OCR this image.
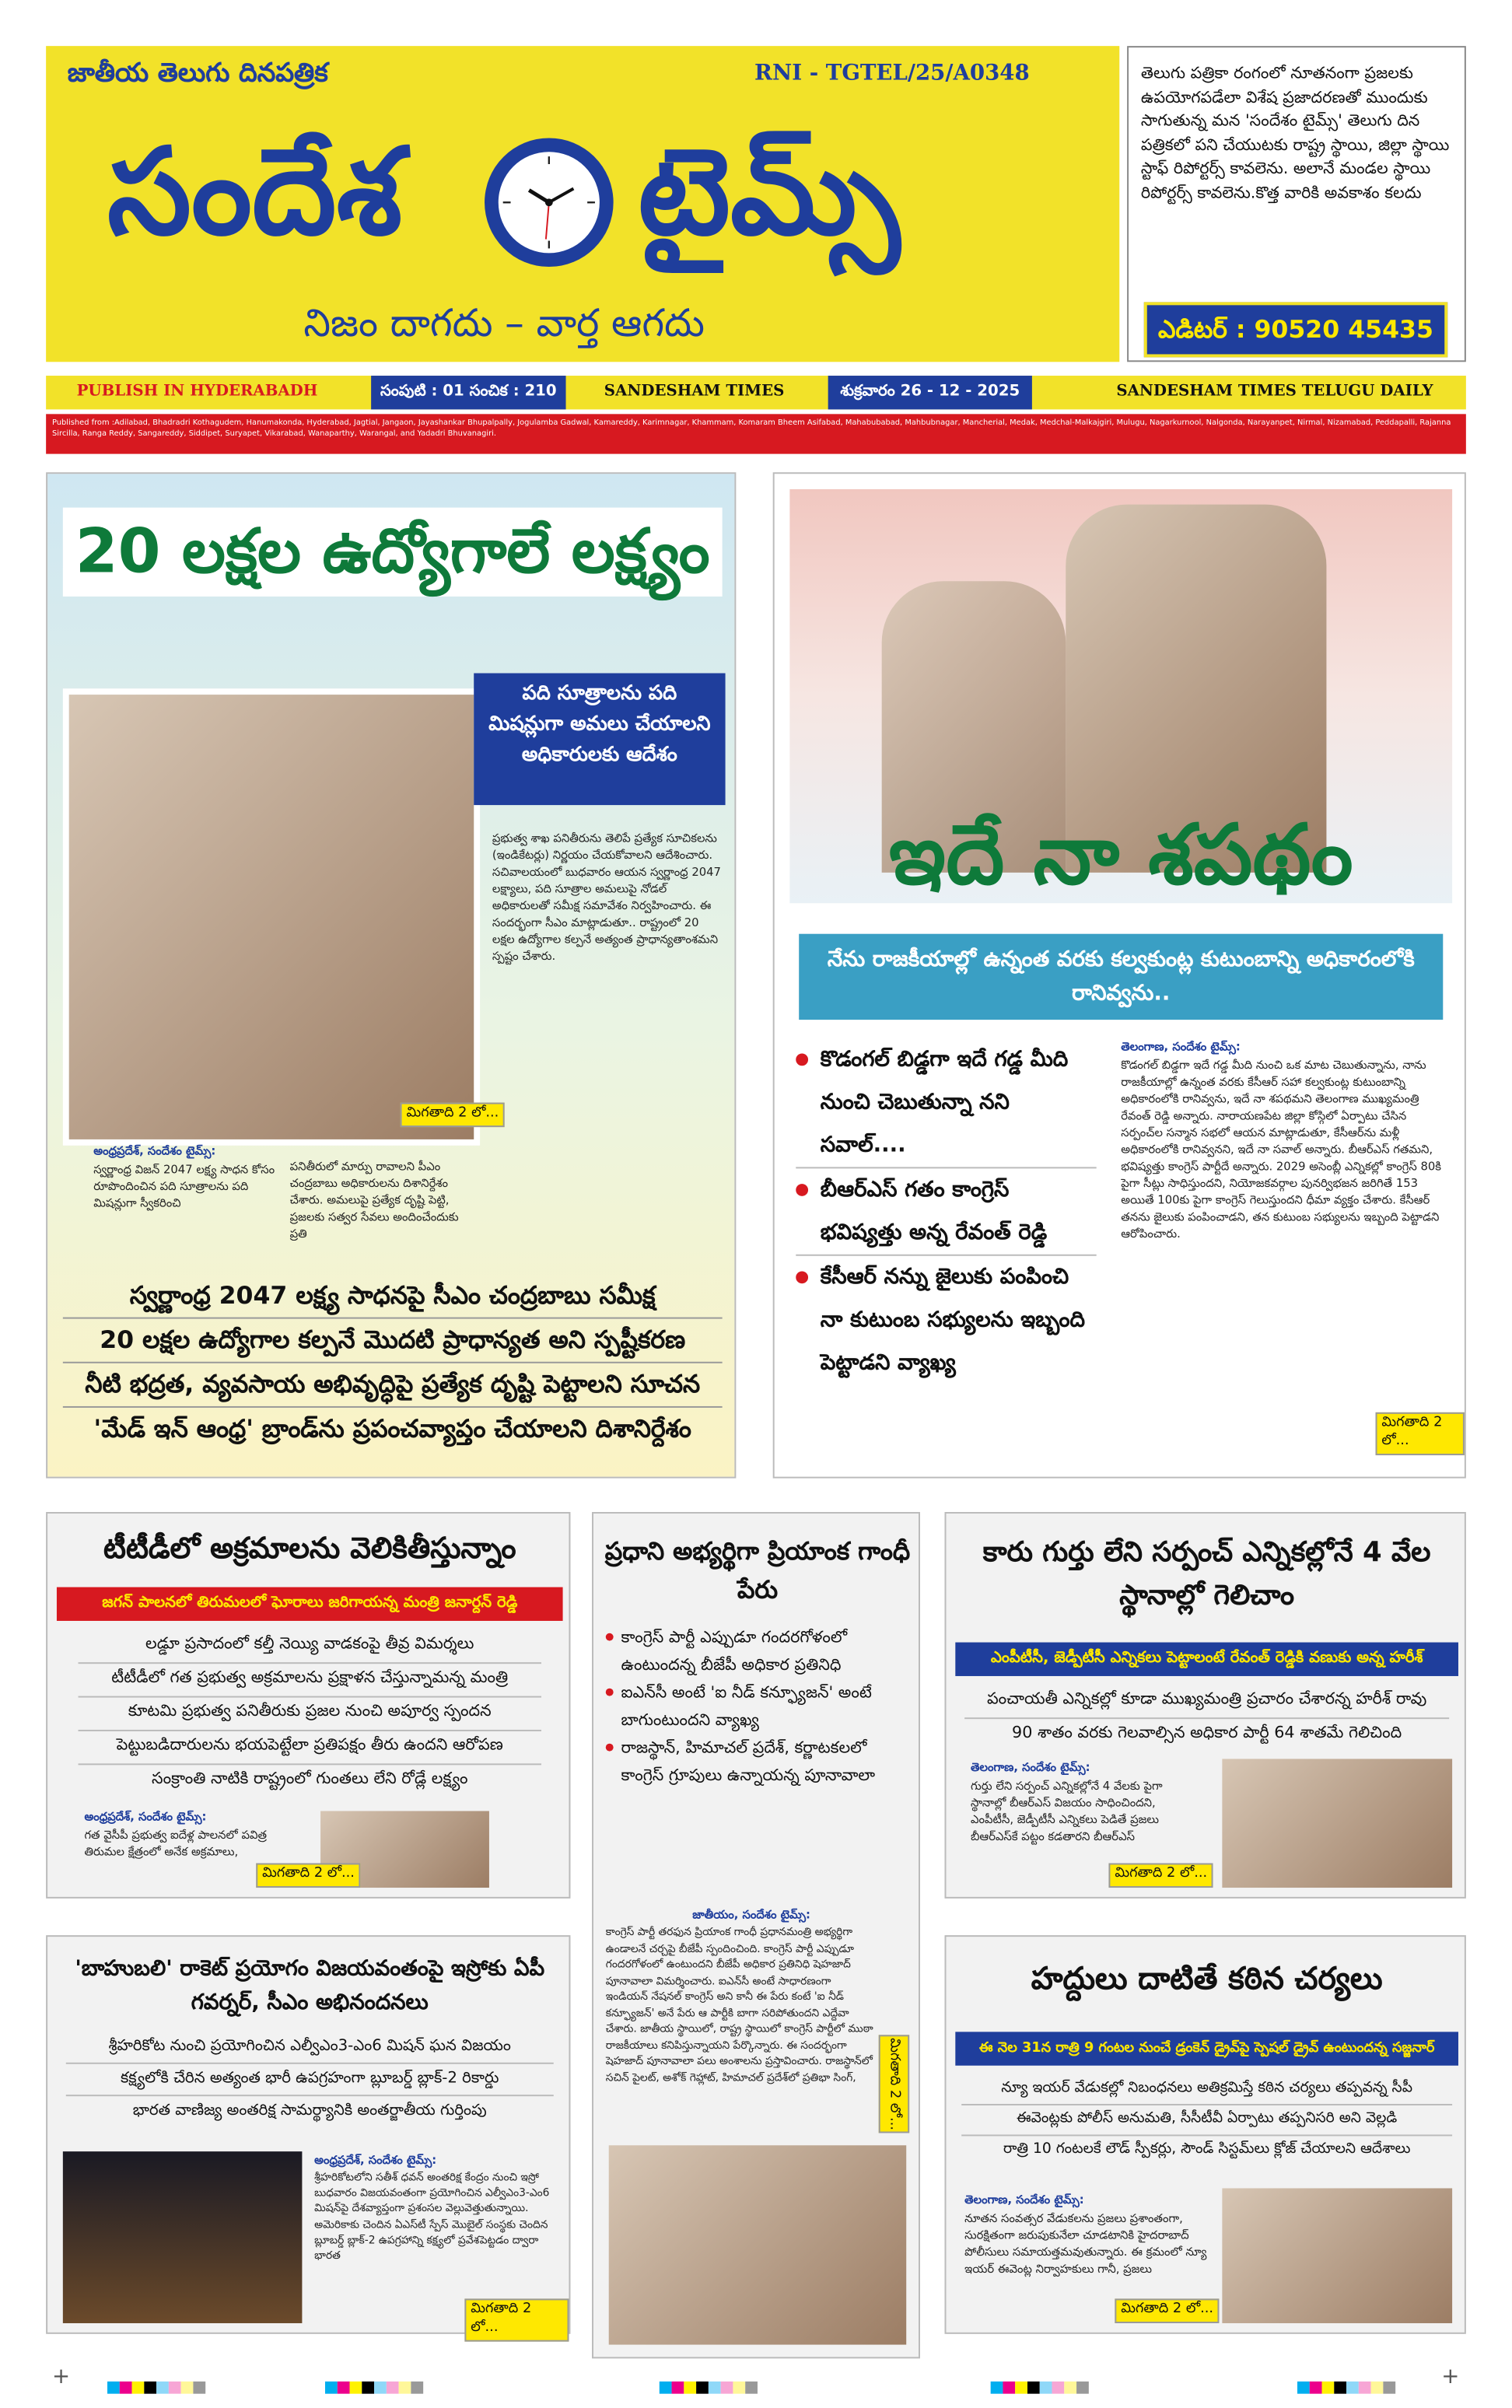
జాతీయ తెలుగు దినపత్రిక	RNI - TGTEL/25/A0348
సందేశ	టైమ్స్
నిజం దాగదు – వార్త ఆగదు
తెలుగు పత్రికా రంగంలో నూతనంగా ప్రజలకు ఉపయోగపడేలా విశేష ప్రజాదరణతో ముందుకు సాగుతున్న మన 'సందేశం టైమ్స్' తెలుగు దిన పత్రికలో పని చేయుటకు రాష్ట్ర స్థాయి, జిల్లా స్థాయి స్టాఫ్ రిపోర్టర్స్ కావలెను. అలానే మండల స్థాయి రిపోర్టర్స్ కావలెను.కొత్త వారికి అవకాశం కలదు
ఎడిటర్ : 90520 45435
PUBLISH IN HYDERABADH	సంపుటి : 01 సంచిక : 210	SANDESHAM TIMES	శుక్రవారం 26 - 12 - 2025	SANDESHAM TIMES TELUGU DAILY
Published from :Adilabad, Bhadradri Kothagudem, Hanumakonda, Hyderabad, Jagtial, Jangaon, Jayashankar Bhupalpally, Jogulamba Gadwal, Kamareddy, Karimnagar, Khammam, Komaram Bheem Asifabad, Mahabubabad, Mahbubnagar, Mancherial, Medak, Medchal-Malkajgiri, Mulugu, Nagarkurnool, Nalgonda, Narayanpet, Nirmal, Nizamabad, Peddapalli, Rajanna Sircilla, Ranga Reddy, Sangareddy, Siddipet, Suryapet, Vikarabad, Wanaparthy, Warangal, and Yadadri Bhuvanagiri.
20 లక్షల ఉద్యోగాలే లక్ష్యం
పది సూత్రాలను పది మిషన్లుగా అమలు చేయాలని అధికారులకు ఆదేశం
ప్రభుత్వ శాఖ పనితీరును తెలిపే ప్రత్యేక సూచికలను (ఇండికేటర్లు) నిర్ణయం చేయకోవాలని ఆదేశించారు. సచివాలయంలో బుధవారం ఆయన స్వర్ణాంధ్ర 2047 లక్ష్యాలు, పది సూత్రాల అమలుపై నోడల్ అధికారులతో సమీక్ష సమావేశం నిర్వహించారు. ఈ సందర్భంగా సీఎం మాట్లాడుతూ.. రాష్ట్రంలో 20 లక్షల ఉద్యోగాల కల్పనే అత్యంత ప్రాధాన్యతాంశమని స్పష్టం చేశారు.
మిగతాది 2 లో...
అంధ్రప్రదేశ్, సందేశం టైమ్స్:
స్వర్ణాంధ్ర విజన్ 2047 లక్ష్య సాధన కోసం రూపొందించిన పది సూత్రాలను పది మిషన్లుగా స్వీకరించి
పనితీరులో మార్పు రావాలని పీఎం చంద్రబాబు అధికారులను దిశానిర్దేశం చేశారు. అమలుపై ప్రత్యేక దృష్టి పెట్టి, ప్రజలకు సత్వర సేవలు అందించేందుకు ప్రతి
స్వర్ణాంధ్ర 2047 లక్ష్య సాధనపై సీఎం చంద్రబాబు సమీక్ష
20 లక్షల ఉద్యోగాల కల్పనే మొదటి ప్రాధాన్యత అని స్పష్టీకరణ
నీటి భద్రత, వ్యవసాయ అభివృద్ధిపై ప్రత్యేక దృష్టి పెట్టాలని సూచన
'మేడ్ ఇన్ ఆంధ్ర' బ్రాండ్‌ను ప్రపంచవ్యాప్తం చేయాలని దిశానిర్దేశం
ఇదే నా శపథం
నేను రాజకీయాల్లో ఉన్నంత వరకు కల్వకుంట్ల కుటుంబాన్ని అధికారంలోకి రానివ్వను..
కొడంగల్ బిడ్డగా ఇదే గడ్డ మీది నుంచి చెబుతున్నా నని సవాల్....
బీఆర్ఎస్ గతం కాంగ్రెస్ భవిష్యత్తు అన్న రేవంత్ రెడ్డి
కేసీఆర్ నన్ను జైలుకు పంపించి నా కుటుంబ సభ్యులను ఇబ్బంది పెట్టాడని వ్యాఖ్య
తెలంగాణ, సందేశం టైమ్స్:
కొడంగల్ బిడ్డగా ఇదే గడ్డ మీది నుంచి ఒక మాట చెబుతున్నాను, నాను రాజకీయాల్లో ఉన్నంత వరకు కేసీఆర్ సహా కల్వకుంట్ల కుటుంబాన్ని అధికారంలోకి రానివ్వను, ఇదే నా శపథమని తెలంగాణ ముఖ్యమంత్రి రేవంత్ రెడ్డి అన్నారు. నారాయణపేట జిల్లా కోస్గిలో ఏర్పాటు చేసిన సర్పంచ్‌ల సన్మాన సభలో ఆయన మాట్లాడుతూ, కేసీఆర్‌ను మళ్లీ అధికారంలోకి రానివ్వనని, ఇదే నా సవాల్ అన్నారు. బీఆర్ఎస్ గతమని, భవిష్యత్తు కాంగ్రెస్ పార్టీదే అన్నారు. 2029 అసెంబ్లీ ఎన్నికల్లో కాంగ్రెస్ 80కి పైగా సీట్లు సాధిస్తుందని, నియోజకవర్గాల పునర్విభజన జరిగితే 153 అయితే 100కు పైగా కాంగ్రెస్ గెలుస్తుందని ధీమా వ్యక్తం చేశారు. కేసీఆర్ తనను జైలుకు పంపించాడని, తన కుటుంబ సభ్యులను ఇబ్బంది పెట్టాడని ఆరోపించారు.
మిగతాది 2 లో...
టీటీడీలో అక్రమాలను వెలికితీస్తున్నాం
జగన్ పాలనలో తిరుమలలో ఘోరాలు జరిగాయన్న మంత్రి జనార్దన్ రెడ్డి
లడ్డూ ప్రసాదంలో కల్తీ నెయ్యి వాడకంపై తీవ్ర విమర్శలు
టీటీడీలో గత ప్రభుత్వ అక్రమాలను ప్రక్షాళన చేస్తున్నామన్న మంత్రి
కూటమి ప్రభుత్వ పనితీరుకు ప్రజల నుంచి అపూర్వ స్పందన
పెట్టుబడిదారులను భయపెట్టేలా ప్రతిపక్షం తీరు ఉందని ఆరోపణ
సంక్రాంతి నాటికి రాష్ట్రంలో గుంతలు లేని రోడ్లే లక్ష్యం
అంధ్రప్రదేశ్, సందేశం టైమ్స్:
గత వైసీపీ ప్రభుత్వ ఐదేళ్ల పాలనలో పవిత్ర తిరుమల క్షేత్రంలో అనేక అక్రమాలు,
మిగతాది 2 లో...
ప్రధాని అభ్యర్థిగా ప్రియాంక గాంధీ పేరు
కాంగ్రెస్ పార్టీ ఎప్పుడూ గందరగోళంలో ఉంటుందన్న బీజేపీ అధికార ప్రతినిధి
ఐఎన్‌సీ అంటే 'ఐ నీడ్ కన్ఫ్యూజన్' అంటే బాగుంటుందని వ్యాఖ్య
రాజస్థాన్, హిమాచల్ ప్రదేశ్, కర్ణాటకలలో కాంగ్రెస్ గ్రూపులు ఉన్నాయన్న పూనావాలా
జాతీయం, సందేశం టైమ్స్:
కాంగ్రెస్ పార్టీ తరఫున ప్రియాంక గాంధీ ప్రధానమంత్రి అభ్యర్థిగా ఉండాలనే చర్చపై బీజేపీ స్పందించింది. కాంగ్రెస్ పార్టీ ఎప్పుడూ గందరగోళంలో ఉంటుందని బీజేపీ అధికార ప్రతినిధి షెహజాద్ పూనావాలా విమర్శించారు. ఐఎన్‌సీ అంటే సాధారణంగా ఇండియన్ నేషనల్ కాంగ్రెస్ అని కానీ ఈ పేరు కంటే 'ఐ నీడ్ కన్ఫ్యూజన్' అనే పేరు ఆ పార్టీకి బాగా సరిపోతుందని ఎద్దేవా చేశారు. జాతీయ స్థాయిలో, రాష్ట్ర స్థాయిలో కాంగ్రెస్ పార్టీలో ముఠా రాజకీయాలు కనిపిస్తున్నాయని పేర్కొన్నారు. ఈ సందర్భంగా షెహజాద్ పూనావాలా పలు అంశాలను ప్రస్తావించారు. రాజస్థాన్‌లో సచిన్ పైలట్, అశోక్ గెహ్లాట్, హిమాచల్ ప్రదేశ్‌లో ప్రతిభా సింగ్,	మిగతాది 2 లో...
కారు గుర్తు లేని సర్పంచ్ ఎన్నికల్లోనే 4 వేల స్థానాల్లో గెలిచాం
ఎంపీటీసీ, జెడ్పీటీసీ ఎన్నికలు పెట్టాలంటే రేవంత్ రెడ్డికి వణుకు అన్న హరీశ్
పంచాయతీ ఎన్నికల్లో కూడా ముఖ్యమంత్రి ప్రచారం చేశారన్న హరీశ్ రావు
90 శాతం వరకు గెలవాల్సిన అధికార పార్టీ 64 శాతమే గెలిచింది
తెలంగాణ, సందేశం టైమ్స్:
గుర్తు లేని సర్పంచ్ ఎన్నికల్లోనే 4 వేలకు పైగా స్థానాల్లో బీఆర్ఎస్ విజయం సాధించిందని, ఎంపీటీసీ, జెడ్పీటీసీ ఎన్నికలు పెడితే ప్రజలు బీఆర్ఎస్‌కే పట్టం కడతారని బీఆర్ఎస్
మిగతాది 2 లో...
'బాహుబలి' రాకెట్ ప్రయోగం విజయవంతంపై ఇస్రోకు ఏపీ గవర్నర్, సీఎం అభినందనలు
శ్రీహరికోట నుంచి ప్రయోగించిన ఎల్వీఎం3-ఎం6 మిషన్ ఘన విజయం
కక్ష్యలోకి చేరిన అత్యంత భారీ ఉపగ్రహంగా బ్లూబర్డ్ బ్లాక్-2 రికార్డు
భారత వాణిజ్య అంతరిక్ష సామర్థ్యానికి అంతర్జాతీయ గుర్తింపు
అంధ్రప్రదేశ్, సందేశం టైమ్స్:
శ్రీహరికోటలోని సతీశ్ ధవన్ అంతరిక్ష కేంద్రం నుంచి ఇస్రో బుధవారం విజయవంతంగా ప్రయోగించిన ఎల్వీఎం3-ఎం6 మిషన్‌పై దేశవ్యాప్తంగా ప్రశంసల వెల్లువెత్తుతున్నాయి. అమెరికాకు చెందిన ఏఎస్‌టీ స్పేస్ మొబైల్ సంస్థకు చెందిన బ్లూబర్డ్ బ్లాక్-2 ఉపగ్రహాన్ని కక్ష్యలో ప్రవేశపెట్టడం ద్వారా భారత
మిగతాది 2 లో...
హద్దులు దాటితే కఠిన చర్యలు
ఈ నెల 31న రాత్రి 9 గంటల నుంచే డ్రంకెన్ డ్రైవ్‌పై స్పెషల్ డ్రైవ్ ఉంటుందన్న సజ్జనార్
న్యూ ఇయర్ వేడుకల్లో నిబంధనలు అతిక్రమిస్తే కఠిన చర్యలు తప్పవన్న సీపీ
ఈవెంట్లకు పోలీస్ అనుమతి, సీసీటీవీ ఏర్పాటు తప్పనిసరి అని వెల్లడి
రాత్రి 10 గంటలకే లౌడ్ స్పీకర్లు, సౌండ్ సిస్టమ్‌లు క్లోజ్ చేయాలని ఆదేశాలు
తెలంగాణ, సందేశం టైమ్స్:
నూతన సంవత్సర వేడుకలను ప్రజలు ప్రశాంతంగా, సురక్షితంగా జరుపుకునేలా చూడటానికి హైదరాబాద్ పోలీసులు సమాయత్తమవుతున్నారు. ఈ క్రమంలో న్యూ ఇయర్ ఈవెంట్ల నిర్వాహకులు గానీ, ప్రజలు
మిగతాది 2 లో...
+	+
